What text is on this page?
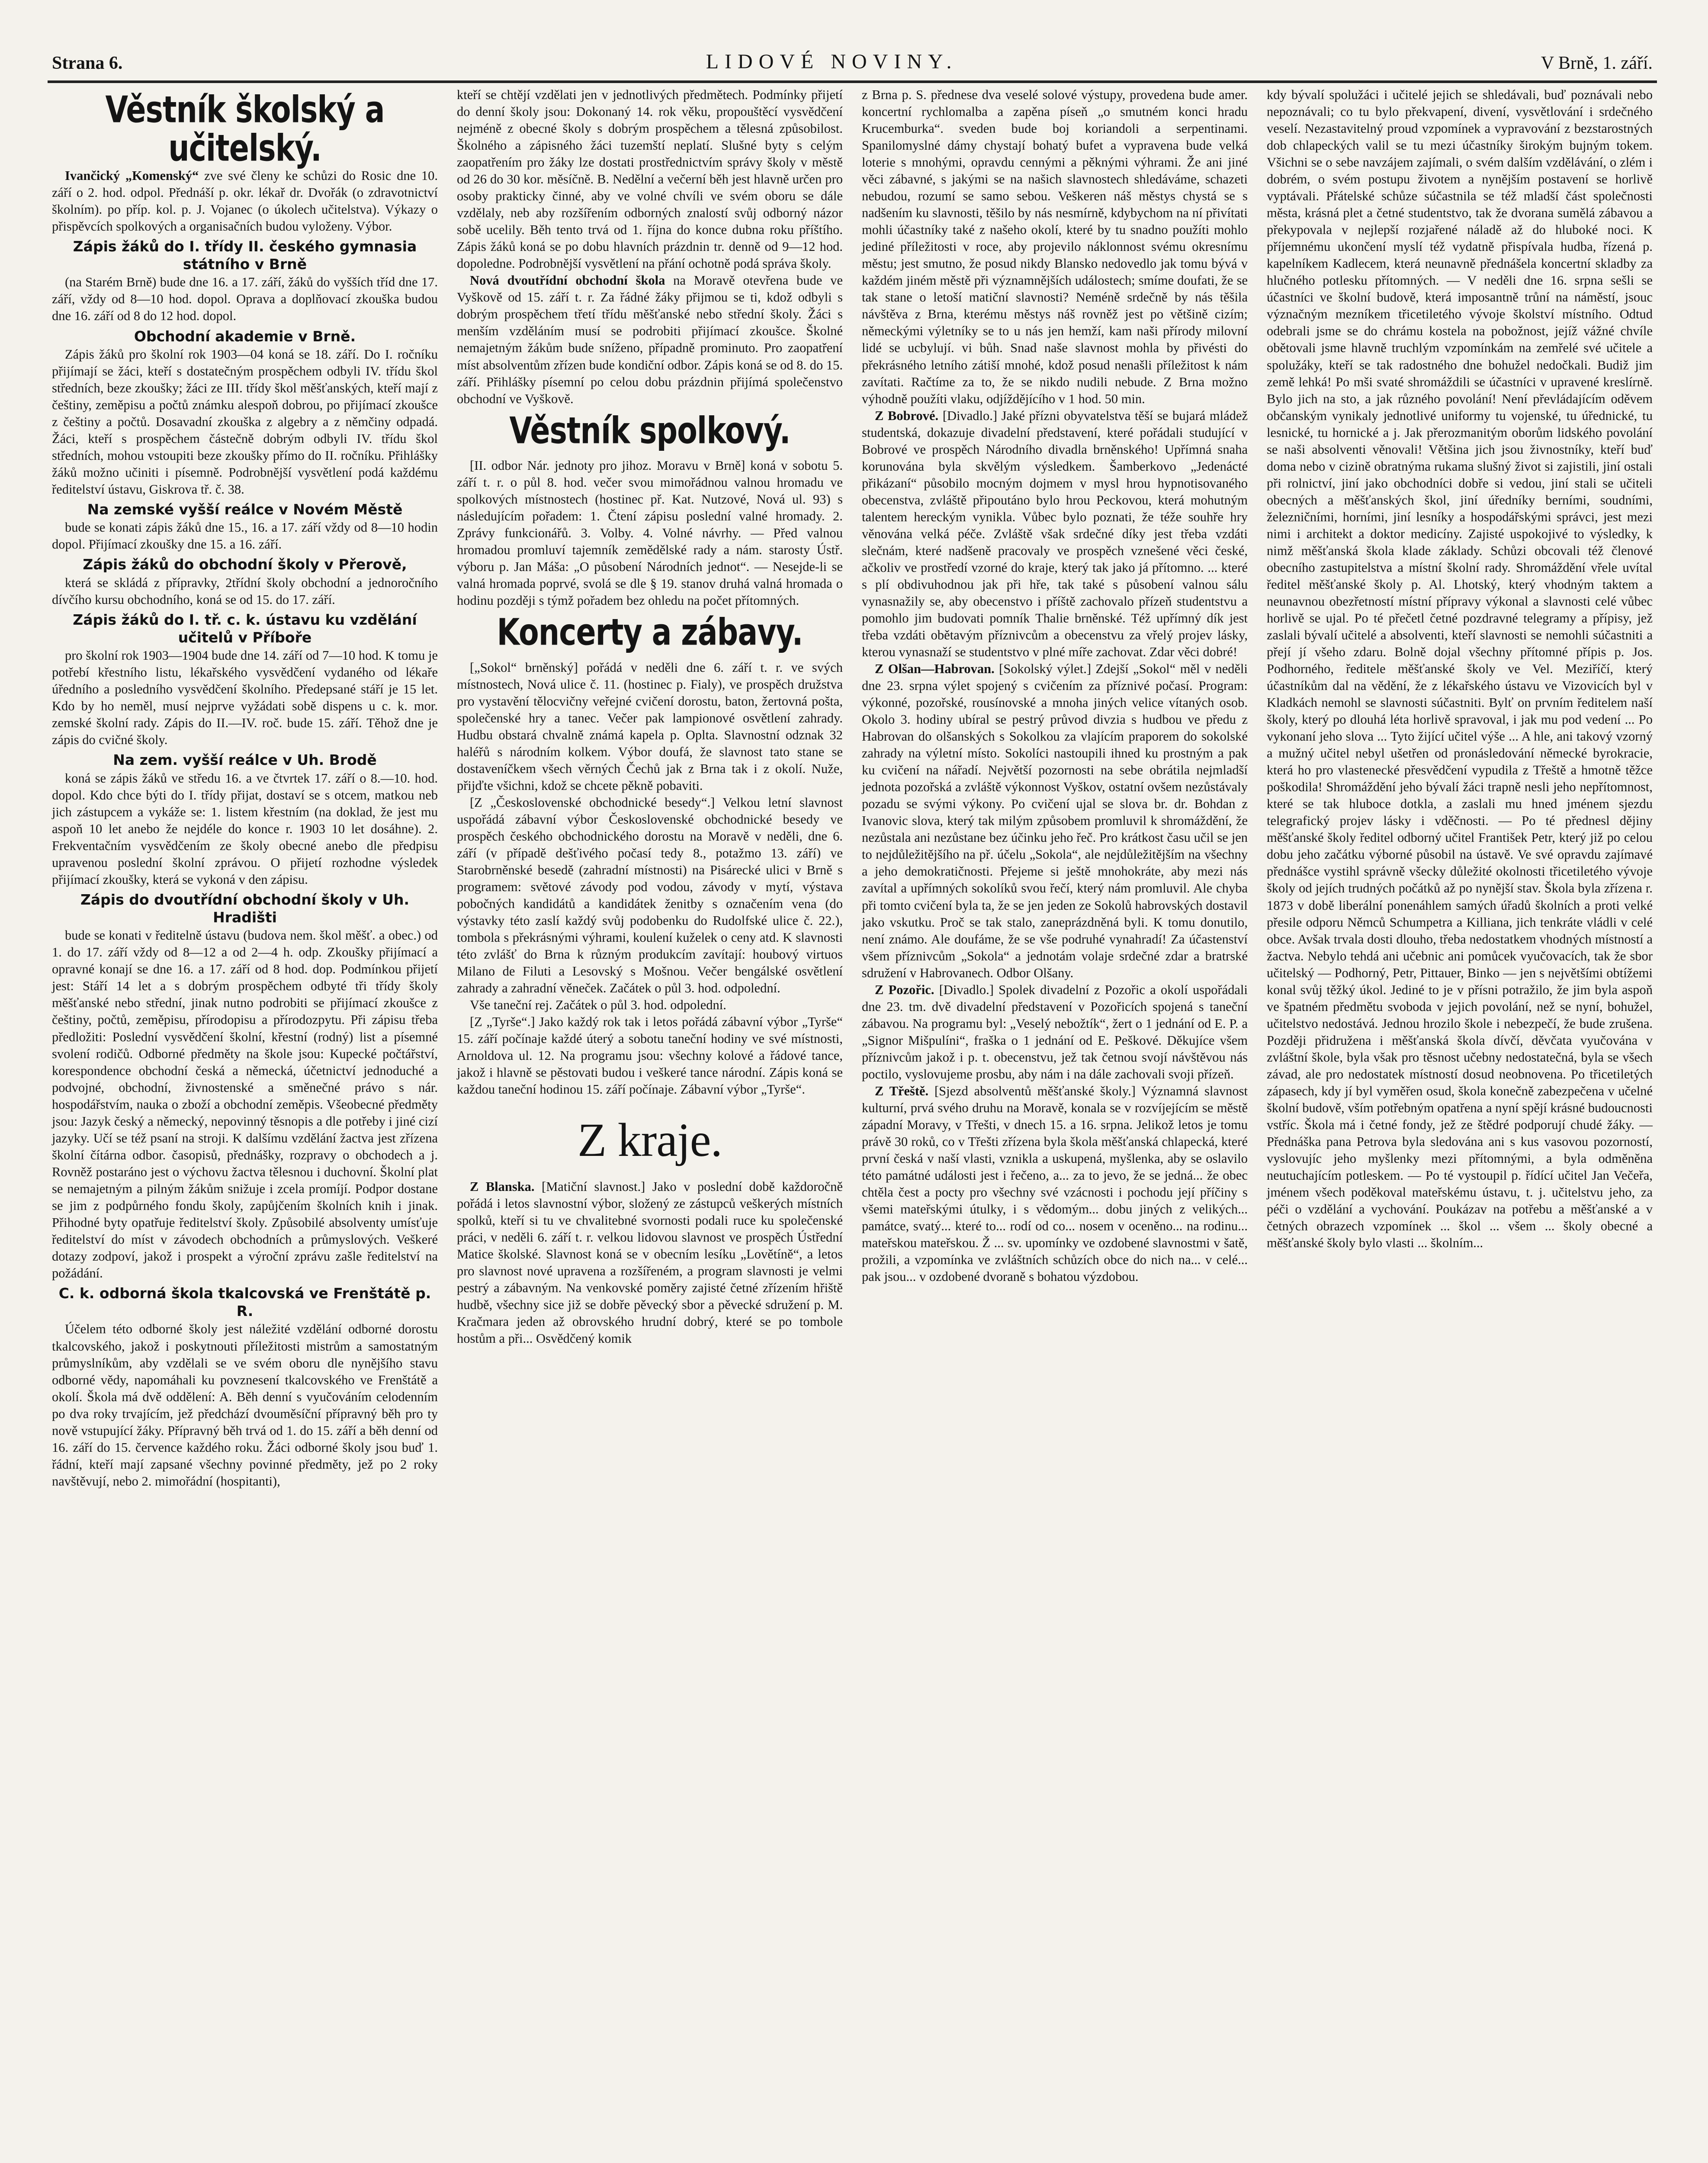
Strana 6.	LIDOVÉ NOVINY.	V Brně, 1. září.
Věstník školský a učitelský.

Ivančický „Komenský“ zve své členy ke schůzi do Rosic dne 10. září o 2. hod. odpol. Přednáší p. okr. lékař dr. Dvořák (o zdravotnictví školním). po příp. kol. p. J. Vojanec (o úkolech učitelstva). Výkazy o přispěvcích spolkových a organisačních budou vyloženy. Výbor.

Zápis žáků do I. třídy II. českého gymnasia státního v Brně

(na Starém Brně) bude dne 16. a 17. září, žáků do vyšších tříd dne 17. září, vždy od 8—10 hod. dopol. Oprava a doplňovací zkouška budou dne 16. září od 8 do 12 hod. dopol.

Obchodní akademie v Brně.

Zápis žáků pro školní rok 1903—04 koná se 18. září. Do I. ročníku přijímají se žáci, kteří s dostatečným prospěchem odbyli IV. třídu škol středních, beze zkoušky; žáci ze III. třídy škol měšťanských, kteří mají z češtiny, zeměpisu a počtů známku alespoň dobrou, po přijímací zkoušce z češtiny a počtů. Dosavadní zkouška z algebry a z němčiny odpadá. Žáci, kteří s prospěchem částečně dobrým odbyli IV. třídu škol středních, mohou vstoupiti beze zkoušky přímo do II. ročníku. Přihlášky žáků možno učiniti i písemně. Podrobnější vysvětlení podá každému ředitelství ústavu, Giskrova tř. č. 38.

Na zemské vyšší reálce v Novém Městě

bude se konati zápis žáků dne 15., 16. a 17. září vždy od 8—10 hodin dopol. Přijímací zkoušky dne 15. a 16. září.

Zápis žáků do obchodní školy v Přerově,

která se skládá z přípravky, 2třídní školy obchodní a jednoročního dívčího kursu obchodního, koná se od 15. do 17. září.

Zápis žáků do I. tř. c. k. ústavu ku vzdělání učitelů v Příboře

pro školní rok 1903—1904 bude dne 14. září od 7—10 hod. K tomu je potřebí křestního listu, lékařského vysvědčení vydaného od lékaře úředního a posledního vysvědčení školního. Předepsané stáří je 15 let. Kdo by ho neměl, musí nejprve vyžádati sobě dispens u c. k. mor. zemské školní rady. Zápis do II.—IV. roč. bude 15. září. Těhož dne je zápis do cvičné školy.

Na zem. vyšší reálce v Uh. Brodě

koná se zápis žáků ve středu 16. a ve čtvrtek 17. září o 8.—10. hod. dopol. Kdo chce býti do I. třídy přijat, dostaví se s otcem, matkou neb jich zástupcem a vykáže se: 1. listem křestním (na doklad, že jest mu aspoň 10 let anebo že nejdéle do konce r. 1903 10 let dosáhne). 2. Frekventačním vysvědčením ze školy obecné anebo dle předpisu upravenou poslední školní zprávou. O přijetí rozhodne výsledek přijímací zkoušky, která se vykoná v den zápisu.

Zápis do dvoutřídní obchodní školy v Uh. Hradišti

bude se konati v ředitelně ústavu (budova nem. škol měšť. a obec.) od 1. do 17. září vždy od 8—12 a od 2—4 h. odp. Zkoušky přijímací a opravné konají se dne 16. a 17. září od 8 hod. dop. Podmínkou přijetí jest: Stáří 14 let a s dobrým prospěchem odbyté tři třídy školy měšťanské nebo střední, jinak nutno podrobiti se přijímací zkoušce z češtiny, počtů, zeměpisu, přírodopisu a přírodozpytu. Při zápisu třeba předložiti: Poslední vysvědčení školní, křestní (rodný) list a písemné svolení rodičů. Odborné předměty na škole jsou: Kupecké počtářství, korespondence obchodní česká a německá, účetnictví jednoduché a podvojné, obchodní, živnostenské a směnečné právo s nár. hospodářstvím, nauka o zboží a obchodní zeměpis. Všeobecné předměty jsou: Jazyk český a německý, nepovinný těsnopis a dle potřeby i jiné cizí jazyky. Učí se též psaní na stroji. K dalšímu vzdělání žactva jest zřízena školní čítárna odbor. časopisů, přednášky, rozpravy o obchodech a j. Rovněž postaráno jest o výchovu žactva tělesnou i duchovní. Školní plat se nemajetným a pilným žákům snižuje i zcela promíjí. Podpor dostane se jim z podpůrného fondu školy, zapůjčením školních knih i jinak. Přihodné byty opatřuje ředitelství školy. Způsobilé absolventy umísťuje ředitelství do míst v závodech obchodních a průmyslových. Veškeré dotazy zodpoví, jakož i prospekt a výroční zprávu zašle ředitelství na požádání.

C. k. odborná škola tkalcovská ve Frenštátě p. R.

Účelem této odborné školy jest náležité vzdělání odborné dorostu tkalcovského, jakož i poskytnouti příležitosti mistrům a samostatným průmyslníkům, aby vzdělali se ve svém oboru dle nynějšího stavu odborné vědy, napomáhali ku povznesení tkalcovského ve Frenštátě a okolí. Škola má dvě oddělení: A. Běh denní s vyučováním celodenním po dva roky trvajícím, jež předchází dvouměsíční přípravný běh pro ty nově vstupující žáky. Přípravný běh trvá od 1. do 15. září a běh denní od 16. září do 15. července každého roku. Žáci odborné školy jsou buď 1. řádní, kteří mají zapsané všechny povinné předměty, jež po 2 roky navštěvují, nebo 2. mimořádní (hospitanti),

kteří se chtějí vzdělati jen v jednotlivých předmětech. Podmínky přijetí do denní školy jsou: Dokonaný 14. rok věku, propouštěcí vysvědčení nejméně z obecné školy s dobrým prospěchem a tělesná způsobilost. Školného a zápisného žáci tuzemští neplatí. Slušné byty s celým zaopatřením pro žáky lze dostati prostřednictvím správy školy v městě od 26 do 30 kor. měsíčně. B. Nedělní a večerní běh jest hlavně určen pro osoby prakticky činné, aby ve volné chvíli ve svém oboru se dále vzdělaly, neb aby rozšířením odborných znalostí svůj odborný názor sobě ucelily. Běh tento trvá od 1. října do konce dubna roku příštího. Zápis žáků koná se po dobu hlavních prázdnin tr. denně od 9—12 hod. dopoledne. Podrobnější vysvětlení na přání ochotně podá správa školy.

Nová dvoutřídní obchodní škola na Moravě otevřena bude ve Vyškově od 15. září t. r. Za řádné žáky přijmou se ti, kdož odbyli s dobrým prospěchem třetí třídu měšťanské nebo střední školy. Žáci s menším vzděláním musí se podrobiti přijímací zkoušce. Školné nemajetným žákům bude sníženo, případně prominuto. Pro zaopatření míst absolventům zřízen bude kondiční odbor. Zápis koná se od 8. do 15. září. Přihlášky písemní po celou dobu prázdnin přijímá společenstvo obchodní ve Vyškově.

Věstník spolkový.

[II. odbor Nár. jednoty pro jihoz. Moravu v Brně] koná v sobotu 5. září t. r. o půl 8. hod. večer svou mimořádnou valnou hromadu ve spolkových místnostech (hostinec př. Kat. Nutzové, Nová ul. 93) s následujícím pořadem: 1. Čtení zápisu poslední valné hromady. 2. Zprávy funkcionářů. 3. Volby. 4. Volné návrhy. — Před valnou hromadou promluví tajemník zemědělské rady a nám. starosty Ústř. výboru p. Jan Máša: „O působení Národních jednot“. — Nesejde-li se valná hromada poprvé, svolá se dle § 19. stanov druhá valná hromada o hodinu později s týmž pořadem bez ohledu na počet přítomných.

Koncerty a zábavy.

[„Sokol“ brněnský] pořádá v neděli dne 6. září t. r. ve svých místnostech, Nová ulice č. 11. (hostinec p. Fialy), ve prospěch družstva pro vystavění tělocvičny veřejné cvičení dorostu, baton, žertovná pošta, společenské hry a tanec. Večer pak lampionové osvětlení zahrady. Hudbu obstará chvalně známá kapela p. Oplta. Slavnostní odznak 32 haléřů s národním kolkem. Výbor doufá, že slavnost tato stane se dostaveníčkem všech věrných Čechů jak z Brna tak i z okolí. Nuže, přijďte všichni, kdož se chcete pěkně pobaviti.

[Z „Československé obchodnické besedy“.] Velkou letní slavnost uspořádá zábavní výbor Československé obchodnické besedy ve prospěch českého obchodnického dorostu na Moravě v neděli, dne 6. září (v případě dešťivého počasí tedy 8., potažmo 13. září) ve Starobrněnské besedě (zahradní místnosti) na Pisárecké ulici v Brně s programem: světové závody pod vodou, závody v mytí, výstava pobočných kandidátů a kandidátek ženitby s označením vena (do výstavky této zaslí každý svůj podobenku do Rudolfské ulice č. 22.), tombola s překrásnými výhrami, koulení kuželek o ceny atd. K slavnosti této zvlášť do Brna k různým produkcím zavítají: houbový virtuos Milano de Filuti a Lesovský s Mošnou. Večer bengálské osvětlení zahrady a zahradní věneček. Začátek o půl 3. hod. odpolední.

Vše taneční rej. Začátek o půl 3. hod. odpolední.

[Z „Tyrše“.] Jako každý rok tak i letos pořádá zábavní výbor „Tyrše“ 15. září počínaje každé úterý a sobotu taneční hodiny ve své místnosti, Arnoldova ul. 12. Na programu jsou: všechny kolové a řádové tance, jakož i hlavně se pěstovati budou i veškeré tance národní. Zápis koná se každou taneční hodinou 15. září počínaje. Zábavní výbor „Tyrše“.

Z kraje.

Z Blanska. [Matiční slavnost.] Jako v poslední době každoročně pořádá i letos slavnostní výbor, složený ze zástupců veškerých místních spolků, kteří si tu ve chvalitebné svornosti podali ruce ku společenské práci, v neděli 6. září t. r. velkou lidovou slavnost ve prospěch Ústřední Matice školské. Slavnost koná se v obecním lesíku „Lovětíně“, a letos pro slavnost nové upravena a rozšířeném, a program slavnosti je velmi pestrý a zábavným. Na venkovské poměry zajisté četné zřízením hřiště hudbě, všechny sice již se dobře pěvecký sbor a pěvecké sdružení p. M. Kračmara jeden až obrovského hrudní dobrý, které se po tombole hostům a při... Osvědčený komik

z Brna p. S. přednese dva veselé solové výstupy, provedena bude amer. koncertní rychlomalba a zapěna píseň „o smutném konci hradu Krucemburka“. sveden bude boj koriandoli a serpentinami. Spanilomyslné dámy chystají bohatý bufet a vypravena bude velká loterie s mnohými, opravdu cennými a pěknými výhrami. Že ani jiné věci zábavné, s jakými se na našich slavnostech shledáváme, schazeti nebudou, rozumí se samo sebou. Veškeren náš městys chystá se s nadšením ku slavnosti, těšilo by nás nesmírně, kdybychom na ní přivítati mohli účastníky také z našeho okolí, které by tu snadno použíti mohlo jediné příležitosti v roce, aby projevilo náklonnost svému okresnímu městu; jest smutno, že posud nikdy Blansko nedovedlo jak tomu bývá v každém jiném městě při významnějších událostech; smíme doufati, že se tak stane o letoší matiční slavnosti? Neméně srdečně by nás těšila návštěva z Brna, kterému městys náš rovněž jest po většině cizím; německými výletníky se to u nás jen hemží, kam naši přírody milovní lidé se ucbylují. vi bůh. Snad naše slavnost mohla by přivésti do překrásného letního zátiší mnohé, kdož posud nenašli příležitost k nám zavítati. Račtíme za to, že se nikdo nudili nebude. Z Brna možno výhodně použíti vlaku, odjíždějícího v 1 hod. 50 min.

Z Bobrové. [Divadlo.] Jaké přízni obyvatelstva těší se bujará mládež studentská, dokazuje divadelní představení, které pořádali studující v Bobrové ve prospěch Národního divadla brněnského! Upřímná snaha korunována byla skvělým výsledkem. Šamberkovo „Jedenácté přikázaní“ působilo mocným dojmem v mysl hrou hypnotisovaného obecenstva, zvláště připoutáno bylo hrou Peckovou, která mohutným talentem hereckým vynikla. Vůbec bylo poznati, že téže souhře hry věnována velká péče. Zvláště však srdečné díky jest třeba vzdáti slečnám, které nadšeně pracovaly ve prospěch vznešené věci české, ačkoliv ve prostředí vzorné do kraje, který tak jako já přítomno. ... které s plí obdivuhodnou jak při hře, tak také s působení valnou sálu vynasnažily se, aby obecenstvo i příště zachovalo přízeň studentstvu a pomohlo jim budovati pomník Thalie brněnské. Též upřímný dík jest třeba vzdáti obětavým příznivcům a obecenstvu za vřelý projev lásky, kterou vynasnaží se studentstvo v plné míře zachovat. Zdar věci dobré!

Z Olšan—Habrovan. [Sokolský výlet.] Zdejší „Sokol“ měl v neděli dne 23. srpna výlet spojený s cvičením za příznivé počasí. Program: výkonné, pozořské, rousínovské a mnoha jiných velice vítaných osob. Okolo 3. hodiny ubíral se pestrý průvod divzia s hudbou ve předu z Habrovan do olšanských s Sokolkou za vlajícím praporem do sokolské zahrady na výletní místo. Sokolíci nastoupili ihned ku prostným a pak ku cvičení na nářadí. Největší pozornosti na sebe obrátila nejmladší jednota pozořská a zvláště výkonnost Vyškov, ostatní ovšem nezůstávaly pozadu se svými výkony. Po cvičení ujal se slova br. dr. Bohdan z Ivanovic slova, který tak milým způsobem promluvil k shromáždění, že nezůstala ani nezůstane bez účinku jeho řeč. Pro krátkost času učil se jen to nejdůležitějšího na př. účelu „Sokola“, ale nejdůležitějším na všechny a jeho demokratičnosti. Přejeme si ještě mnohokráte, aby mezi nás zavítal a upřímných sokolíků svou řečí, který nám promluvil. Ale chyba při tomto cvičení byla ta, že se jen jeden ze Sokolů habrovských dostavil jako vskutku. Proč se tak stalo, zaneprázdněná byli. K tomu donutilo, není známo. Ale doufáme, že se vše podruhé vynahradí! Za účastenství všem příznivcům „Sokola“ a jednotám volaje srdečné zdar a bratrské sdružení v Habrovanech. Odbor Olšany.

Z Pozořic. [Divadlo.] Spolek divadelní z Pozořic a okolí uspořádali dne 23. tm. dvě divadelní představení v Pozořicích spojená s taneční zábavou. Na programu byl: „Veselý nebožtík“, žert o 1 jednání od E. P. a „Signor Mišpulíni“, fraška o 1 jednání od E. Peškové. Děkujíce všem příznivcům jakož i p. t. obecenstvu, jež tak četnou svojí návštěvou nás poctilo, vyslovujeme prosbu, aby nám i na dále zachovali svoji přízeň.

Z Třeště. [Sjezd absolventů měšťanské školy.] Významná slavnost kulturní, prvá svého druhu na Moravě, konala se v rozvíjejícím se městě západní Moravy, v Třešti, v dnech 15. a 16. srpna. Jelikož letos je tomu právě 30 roků, co v Třešti zřízena byla škola měšťanská chlapecká, které první česká v naší vlasti, vznikla a uskupená, myšlenka, aby se oslavilo této památné události jest i řečeno, a... za to jevo, že se jedná... že obec chtěla čest a pocty pro všechny své vzácnosti i pochodu její příčiny s všemi mateřskými útulky, i s vědomým... dobu jiných z velikých... památce, svatý... které to... rodí od co... nosem v oceněno... na rodinu... mateřskou mateřskou. Ž ... sv. upomínky ve ozdobené slavnostmi v šatě, prožili, a vzpomínka ve zvláštních schůzích obce do nich na... v celé... pak jsou... v ozdobené dvoraně s bohatou výzdobou.

kdy bývalí spolužáci i učitelé jejich se shledávali, buď poznávali nebo nepoznávali; co tu bylo překvapení, divení, vysvětlování i srdečného veselí. Nezastavitelný proud vzpomínek a vypravování z bezstarostných dob chlapeckých valil se tu mezi účastníky širokým bujným tokem. Všichni se o sebe navzájem zajímali, o svém dalším vzdělávání, o zlém i dobrém, o svém postupu životem a nynějším postavení se horlivě vyptávali. Přátelské schůze súčastnila se též mladší část společnosti města, krásná plet a četné studentstvo, tak že dvorana sumělá zábavou a překypovala v nejlepší rozjařené náladě až do hluboké noci. K příjemnému ukončení myslí též vydatně přispívala hudba, řízená p. kapelníkem Kadlecem, která neunavně přednášela koncertní skladby za hlučného potlesku přítomných. — V neděli dne 16. srpna sešli se účastníci ve školní budově, která imposantně trůní na náměstí, jsouc význačným mezníkem třicetiletého vývoje školství místního. Odtud odebrali jsme se do chrámu kostela na pobožnost, jejíž vážné chvíle obětovali jsme hlavně truchlým vzpomínkám na zemřelé své učitele a spolužáky, kteří se tak radostného dne bohužel nedočkali. Budiž jim země lehká! Po mši svaté shromáždili se účastníci v upravené kreslírně. Bylo jich na sto, a jak různého povolání! Není převládajícím oděvem občanským vynikaly jednotlivé uniformy tu vojenské, tu úřednické, tu lesnické, tu hornické a j. Jak přerozmanitým oborům lidského povolání se naši absolventi věnovali! Většina jich jsou živnostníky, kteří buď doma nebo v cizině obratnýma rukama slušný život si zajistili, jiní ostali při rolnictví, jiní jako obchodníci dobře si vedou, jiní stali se učiteli obecných a měšťanských škol, jiní úředníky berními, soudními, železničními, horními, jiní lesníky a hospodářskými správci, jest mezi nimi i architekt a doktor medicíny. Zajisté uspokojivé to výsledky, k nimž měšťanská škola klade základy. Schůzi obcovali též členové obecního zastupitelstva a místní školní rady. Shromáždění vřele uvítal ředitel měšťanské školy p. Al. Lhotský, který vhodným taktem a neunavnou obezřetností místní přípravy výkonal a slavnosti celé vůbec horlivě se ujal. Po té přečetl četné pozdravné telegramy a přípisy, jež zaslali bývalí učitelé a absolventi, kteří slavnosti se nemohli súčastniti a přejí jí všeho zdaru. Bolně dojal všechny přítomné přípis p. Jos. Podhorného, ředitele měšťanské školy ve Vel. Meziříčí, který účastníkům dal na vědění, že z lékařského ústavu ve Vizovicích byl v Kladkách nemohl se slavnosti súčastniti. Bylť on prvním ředitelem naší školy, který po dlouhá léta horlivě spravoval, i jak mu pod vedení ... Po vykonaní jeho slova ... Tyto žijící učitel výše ... A hle, ani takový vzorný a mužný učitel nebyl ušetřen od pronásledování německé byrokracie, která ho pro vlastenecké přesvědčení vypudila z Třeště a hmotně těžce poškodila! Shromáždění jeho bývalí žáci trapně nesli jeho nepřítomnost, které se tak hluboce dotkla, a zaslali mu hned jménem sjezdu telegrafický projev lásky i vděčnosti. — Po té přednesl dějiny měšťanské školy ředitel odborný učitel František Petr, který již po celou dobu jeho začátku výborné působil na ústavě. Ve své opravdu zajímavé přednášce vystihl správně všecky důležité okolnosti třicetiletého vývoje školy od jejích trudných počátků až po nynější stav. Škola byla zřízena r. 1873 v době liberální ponenáhlem samých úřadů školních a proti velké přesile odporu Němců Schumpetra a Killiana, jich tenkráte vládli v celé obce. Avšak trvala dosti dlouho, třeba nedostatkem vhodných místností a žactva. Nebylo tehdá ani učebnic ani pomůcek vyučovacích, tak že sbor učitelský — Podhorný, Petr, Pittauer, Binko — jen s největšími obtížemi konal svůj těžký úkol. Jediné to je v přísni potražilo, že jim byla aspoň ve špatném předmětu svoboda v jejich povolání, než se nyní, bohužel, učitelstvo nedostává. Jednou hrozilo škole i nebezpečí, že bude zrušena. Později přidružena i měšťanská škola dívčí, děvčata vyučována v zvláštní škole, byla však pro těsnost učebny nedostatečná, byla se všech závad, ale pro nedostatek místností dosud neobnovena. Po třicetiletých zápasech, kdy jí byl vyměřen osud, škola konečně zabezpečena v učelné školní budově, vším potřebným opatřena a nyní spějí krásné budoucnosti vstříc. Škola má i četné fondy, jež ze štědré podporují chudé žáky. — Přednáška pana Petrova byla sledována ani s kus vasovou pozorností, vyslovujíc jeho myšlenky mezi přítomnými, a byla odměněna neutuchajícím potleskem. — Po té vystoupil p. řídící učitel Jan Večeřa, jménem všech poděkoval mateřskému ústavu, t. j. učitelstvu jeho, za péči o vzdělání a vychování. Poukázav na potřebu a měšťanské a v četných obrazech vzpomínek ... škol ... všem ... školy obecné a měšťanské školy bylo vlasti ... školním...
